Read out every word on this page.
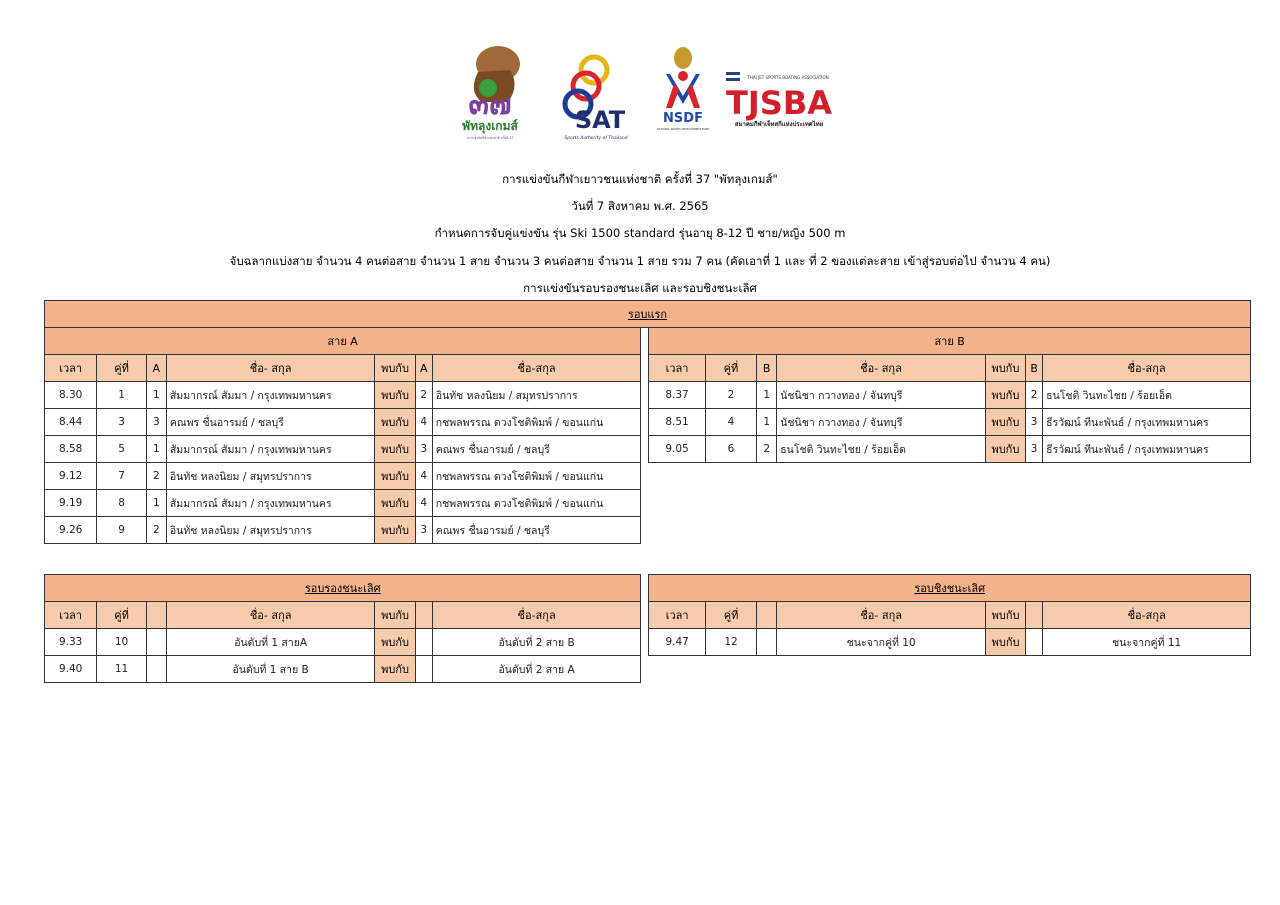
๓๗
พัทลุงเกมส์
การแข่งขันกีฬาแห่งชาติ ครั้งที่ 37
SAT
Sports Authority of Thailand
NSDF
NATIONAL SPORTS DEVELOPMENT FUND
THAI JET SPORTS BOATING ASSOCIATION
TJSBA
สมาคมกีฬาเจ็ทสกีแห่งประเทศไทย
การแข่งขันกีฬาเยาวชนแห่งชาติ ครั้งที่ 37 "พัทลุงเกมส์"
วันที่ 7 สิงหาคม พ.ศ. 2565
กำหนดการจับคู่แข่งขัน รุ่น Ski 1500 standard รุ่นอายุ 8-12 ปี ชาย/หญิง 500 m
จับฉลากแบ่งสาย จำนวน 4 คนต่อสาย จำนวน 1 สาย จำนวน 3 คนต่อสาย จำนวน 1 สาย รวม 7 คน (คัดเอาที่ 1 และ ที่ 2 ของแต่ละสาย เข้าสู่รอบต่อไป จำนวน 4 คน)
การแข่งขันรอบรองชนะเลิศ และรอบชิงชนะเลิศ
รอบแรก														
สาย A								สาย B						
เวลา	คู่ที่	A	ชื่อ- สกุล	พบกับ	A	ชื่อ-สกุล		เวลา	คู่ที่	B	ชื่อ- สกุล	พบกับ	B	ชื่อ-สกุล
8.30	1	1	สัมมากรณ์ สัมมา / กรุงเทพมหานคร	พบกับ	2	อินทัช หลงนิยม / สมุทรปราการ		8.37	2	1	นัชนิชา กวางทอง / จันทบุรี	พบกับ	2	ธนโชติ วินทะไชย / ร้อยเอ็ด
8.44	3	3	คณพร ชื่นอารมย์ / ชลบุรี	พบกับ	4	กชพลพรรณ ดวงโชติพิมพ์ / ขอนแก่น		8.51	4	1	นัชนิชา กวางทอง / จันทบุรี	พบกับ	3	ธีรวัฒน์ ทีนะพันธ์ / กรุงเทพมหานคร
8.58	5	1	สัมมากรณ์ สัมมา / กรุงเทพมหานคร	พบกับ	3	คณพร ชื่นอารมย์ / ชลบุรี		9.05	6	2	ธนโชติ วินทะไชย / ร้อยเอ็ด	พบกับ	3	ธีรวัฒน์ ทีนะพันธ์ / กรุงเทพมหานคร
9.12	7	2	อินทัช หลงนิยม / สมุทรปราการ	พบกับ	4	กชพลพรรณ ดวงโชติพิมพ์ / ขอนแก่น								
9.19	8	1	สัมมากรณ์ สัมมา / กรุงเทพมหานคร	พบกับ	4	กชพลพรรณ ดวงโชติพิมพ์ / ขอนแก่น								
9.26	9	2	อินทัช หลงนิยม / สมุทรปราการ	พบกับ	3	คณพร ชื่นอารมย์ / ชลบุรี								
รอบรองชนะเลิศ								รอบชิงชนะเลิศ						
เวลา	คู่ที่		ชื่อ- สกุล	พบกับ		ชื่อ-สกุล		เวลา	คู่ที่		ชื่อ- สกุล	พบกับ		ชื่อ-สกุล
9.33	10		อันดับที่ 1 สายA	พบกับ		อันดับที่ 2 สาย B		9.47	12		ชนะจากคู่ที่ 10	พบกับ		ชนะจากคู่ที่ 11
9.40	11		อันดับที่ 1 สาย B	พบกับ		อันดับที่ 2 สาย A								
